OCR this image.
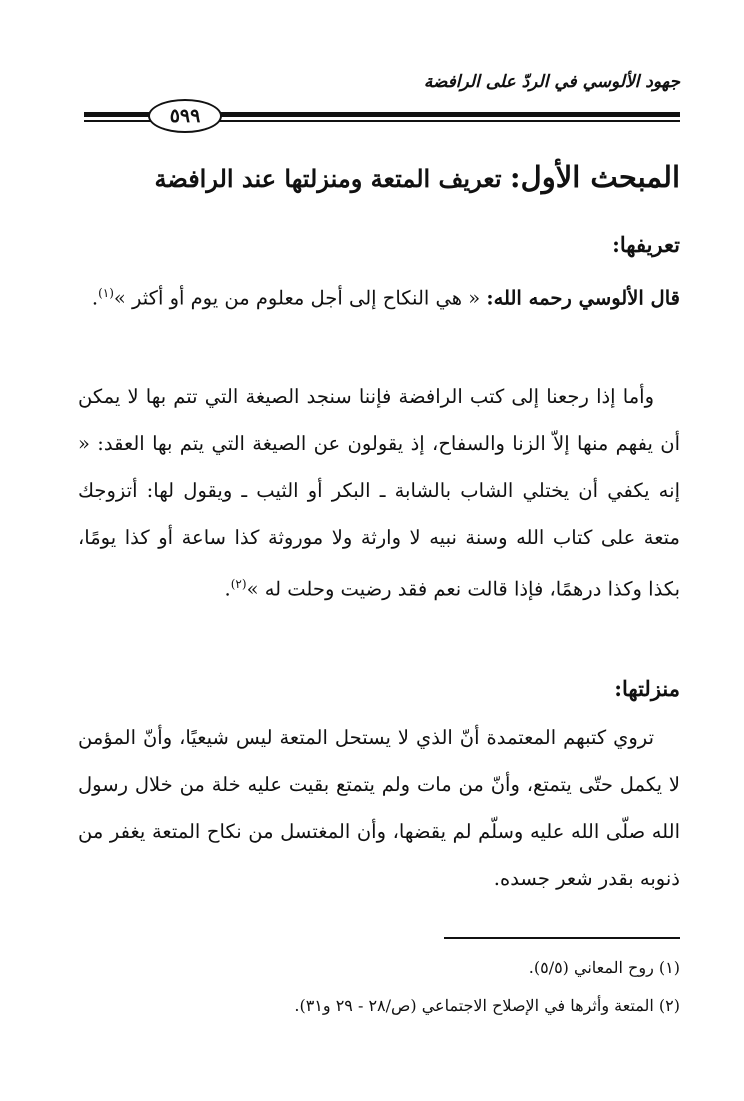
جهود الألوسي في الردّ على الرافضة
٥٩٩
المبحث الأول: تعريف المتعة ومنزلتها عند الرافضة
تعريفها:
قال الألوسي رحمه الله: « هي النكاح إلى أجل معلوم من يوم أو أكثر »$^{(١)}$.
وأما إذا رجعنا إلى كتب الرافضة فإننا سنجد الصيغة التي تتم بها لا يمكن أن يفهم منها إلاّ الزنا والسفاح، إذ يقولون عن الصيغة التي يتم بها العقد: « إنه يكفي أن يختلي الشاب بالشابة ـ البكر أو الثيب ـ ويقول لها: أتزوجك متعة على كتاب الله وسنة نبيه لا وارثة ولا موروثة كذا ساعة أو كذا يومًا، بكذا وكذا درهمًا، فإذا قالت نعم فقد رضيت وحلت له »$^{(٢)}$.
منزلتها:
تروي كتبهم المعتمدة أنّ الذي لا يستحل المتعة ليس شيعيًا، وأنّ المؤمن لا يكمل حتّى يتمتع، وأنّ من مات ولم يتمتع بقيت عليه خلة من خلال رسول الله صلّى الله عليه وسلّم لم يقضها، وأن المغتسل من نكاح المتعة يغفر من ذنوبه بقدر شعر جسده.
(١) روح المعاني (٥/٥).
(٢) المتعة وأثرها في الإصلاح الاجتماعي (ص/٢٨ - ٢٩ و٣١).
